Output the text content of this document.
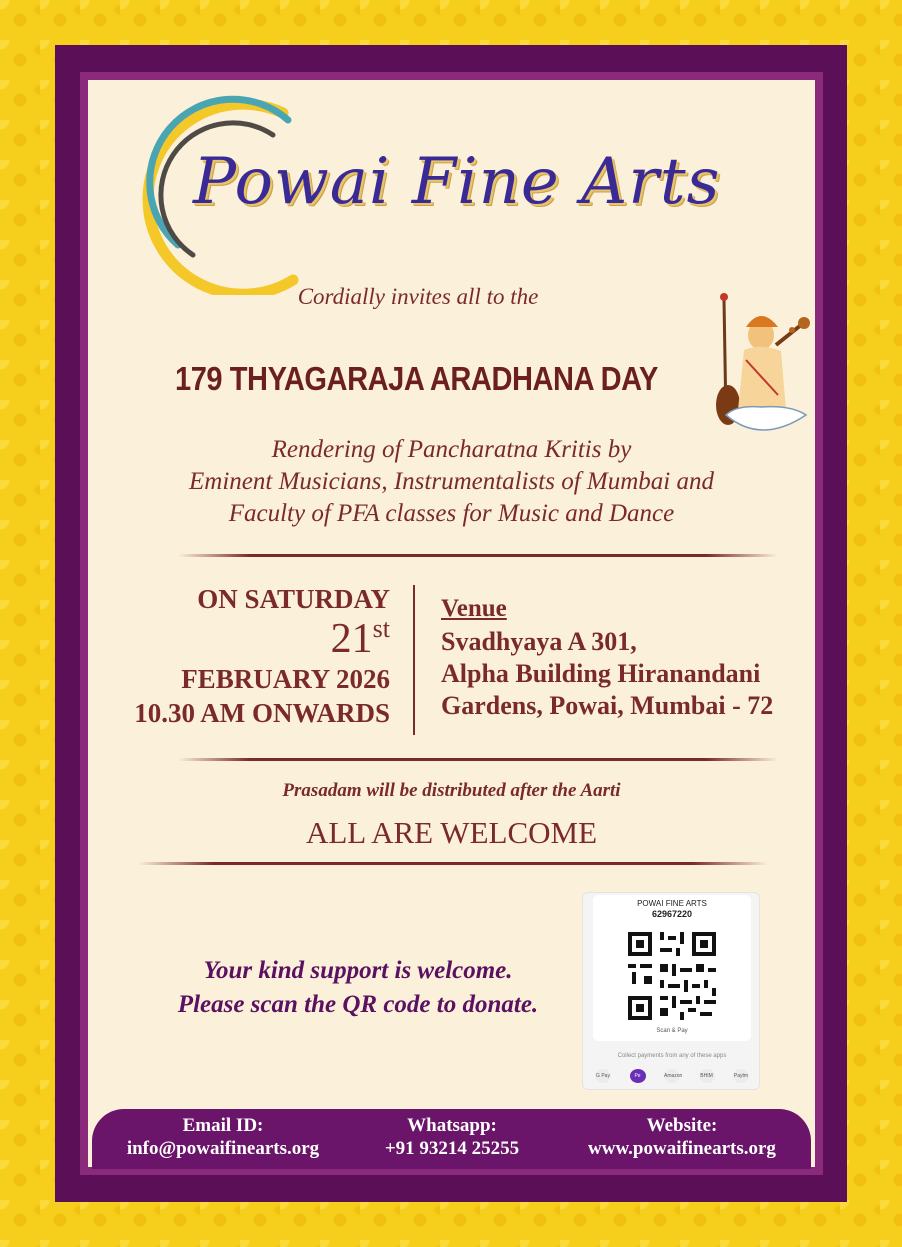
Powai Fine Arts
Cordially invites all to the
179 THYAGARAJA ARADHANA DAY
Rendering of Pancharatna Kritis by
Eminent Musicians, Instrumentalists of Mumbai and
Faculty of PFA classes for Music and Dance
ON SATURDAY
21st
FEBRUARY 2026
10.30 AM ONWARDS
Venue
Svadhyaya A 301,
Alpha Building Hiranandani
Gardens, Powai, Mumbai - 72
Prasadam will be distributed after the Aarti
ALL ARE WELCOME
Your kind support is welcome.
Please scan the QR code to donate.
POWAI FINE ARTS
62967220
Scan & Pay
Collect payments from any of these apps
G Pay	Pe	Amazon	BHIM	Paytm
Email ID:
info@powaifinearts.org
Whatsapp:
+91 93214 25255
Website:
www.powaifinearts.org
